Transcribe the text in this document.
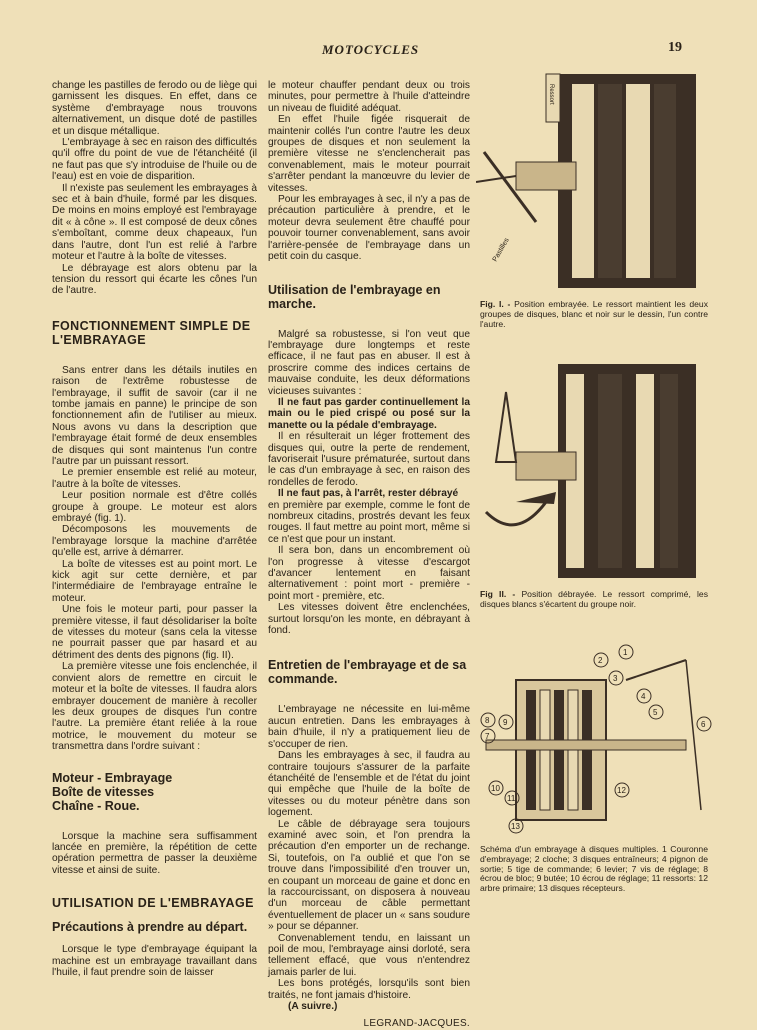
MOTOCYCLES	19

change les pastilles de ferodo ou de liège qui garnissent les disques. En effet, dans ce système d'embrayage nous trouvons alternativement, un disque doté de pastilles et un disque métallique.

L'embrayage à sec en raison des difficultés qu'il offre du point de vue de l'étanchéité (il ne faut pas que s'y introduise de l'huile ou de l'eau) est en voie de disparition.

Il n'existe pas seulement les embrayages à sec et à bain d'huile, formé par les disques. De moins en moins employé est l'embrayage dit « à cône ». Il est composé de deux cônes s'emboîtant, comme deux chapeaux, l'un dans l'autre, dont l'un est relié à l'arbre moteur et l'autre à la boîte de vitesses.

Le débrayage est alors obtenu par la tension du ressort qui écarte les cônes l'un de l'autre.

FONCTIONNEMENT SIMPLE DE L'EMBRAYAGE

Sans entrer dans les détails inutiles en raison de l'extrême robustesse de l'embrayage, il suffit de savoir (car il ne tombe jamais en panne) le principe de son fonctionnement afin de l'utiliser au mieux. Nous avons vu dans la description que l'embrayage était formé de deux ensembles de disques qui sont maintenus l'un contre l'autre par un puissant ressort.

Le premier ensemble est relié au moteur, l'autre à la boîte de vitesses.

Leur position normale est d'être collés groupe à groupe. Le moteur est alors embrayé (fig. 1).

Décomposons les mouvements de l'embrayage lorsque la machine d'arrêtée qu'elle est, arrive à démarrer.

La boîte de vitesses est au point mort. Le kick agit sur cette dernière, et par l'intermédiaire de l'embrayage entraîne le moteur.

Une fois le moteur parti, pour passer la première vitesse, il faut désolidariser la boîte de vitesses du moteur (sans cela la vitesse ne pourrait passer que par hasard et au détriment des dents des pignons (fig. II).

La première vitesse une fois enclenchée, il convient alors de remettre en circuit le moteur et la boîte de vitesses. Il faudra alors embrayer doucement de manière à recoller les deux groupes de disques l'un contre l'autre. La première étant reliée à la roue motrice, le mouvement du moteur se transmettra dans l'ordre suivant :

Moteur - Embrayage
Boîte de vitesses
Chaîne - Roue.

Lorsque la machine sera suffisamment lancée en première, la répétition de cette opération permettra de passer la deuxième vitesse et ainsi de suite.

UTILISATION DE L'EMBRAYAGE
Précautions à prendre au départ.

Lorsque le type d'embrayage équipant la machine est un embrayage travaillant dans l'huile, il faut prendre soin de laisser

le moteur chauffer pendant deux ou trois minutes, pour permettre à l'huile d'atteindre un niveau de fluidité adéquat.

En effet l'huile figée risquerait de maintenir collés l'un contre l'autre les deux groupes de disques et non seulement la première vitesse ne s'enclencherait pas convenablement, mais le moteur pourrait s'arrêter pendant la manœuvre du levier de vitesses.

Pour les embrayages à sec, il n'y a pas de précaution particulière à prendre, et le moteur devra seulement être chauffé pour pouvoir tourner convenablement, sans avoir l'arrière-pensée de l'embrayage dans un petit coin du casque.

Utilisation de l'embrayage en marche.

Malgré sa robustesse, si l'on veut que l'embrayage dure longtemps et reste efficace, il ne faut pas en abuser. Il est à proscrire comme des indices certains de mauvaise conduite, les deux déformations vicieuses suivantes :

Il ne faut pas garder continuellement la main ou le pied crispé ou posé sur la manette ou la pédale d'embrayage.

Il en résulterait un léger frottement des disques qui, outre la perte de rendement, favoriserait l'usure prématurée, surtout dans le cas d'un embrayage à sec, en raison des rondelles de ferodo.

Il ne faut pas, à l'arrêt, rester débrayé

en première par exemple, comme le font de nombreux citadins, prostrés devant les feux rouges. Il faut mettre au point mort, même si ce n'est que pour un instant.

Il sera bon, dans un encombrement où l'on progresse à vitesse d'escargot d'avancer lentement en faisant alternativement : point mort - première - point mort - première, etc.

Les vitesses doivent être enclenchées, surtout lorsqu'on les monte, en débrayant à fond.

Entretien de l'embrayage et de sa commande.

L'embrayage ne nécessite en lui-même aucun entretien. Dans les embrayages à bain d'huile, il n'y a pratiquement lieu de s'occuper de rien.

Dans les embrayages à sec, il faudra au contraire toujours s'assurer de la parfaite étanchéité de l'ensemble et de l'état du joint qui empêche que l'huile de la boîte de vitesses ou du moteur pénètre dans son logement.

Le câble de débrayage sera toujours examiné avec soin, et l'on prendra la précaution d'en emporter un de rechange. Si, toutefois, on l'a oublié et que l'on se trouve dans l'impossibilité d'en trouver un, en coupant un morceau de gaine et donc en la raccourcissant, on disposera à nouveau d'un morceau de câble permettant éventuellement de placer un « sans soudure » pour se dépanner.

Convenablement tendu, en laissant un poil de mou, l'embrayage ainsi dorloté, sera tellement effacé, que vous n'entendrez jamais parler de lui.

Les bons protégés, lorsqu'ils sont bien traités, ne font jamais d'histoire.

(A suivre.)

LEGRAND-JACQUES.
Ressort
Pastilles
Fig. I. - Position embrayée. Le ressort maintient les deux groupes de disques, blanc et noir sur le dessin, l'un contre l'autre.
Fig II. - Position débrayée. Le ressort comprimé, les disques blancs s'écartent du groupe noir.
1
2
3
4
5
6
7
8 9
10
11
12
13
Schéma d'un embrayage à disques multiples. 1 Couronne d'embrayage; 2 cloche; 3 disques entraîneurs; 4 pignon de sortie; 5 tige de commande; 6 levier; 7 vis de réglage; 8 écrou de bloc; 9 butée; 10 écrou de réglage; 11 ressorts: 12 arbre primaire; 13 disques récepteurs.
